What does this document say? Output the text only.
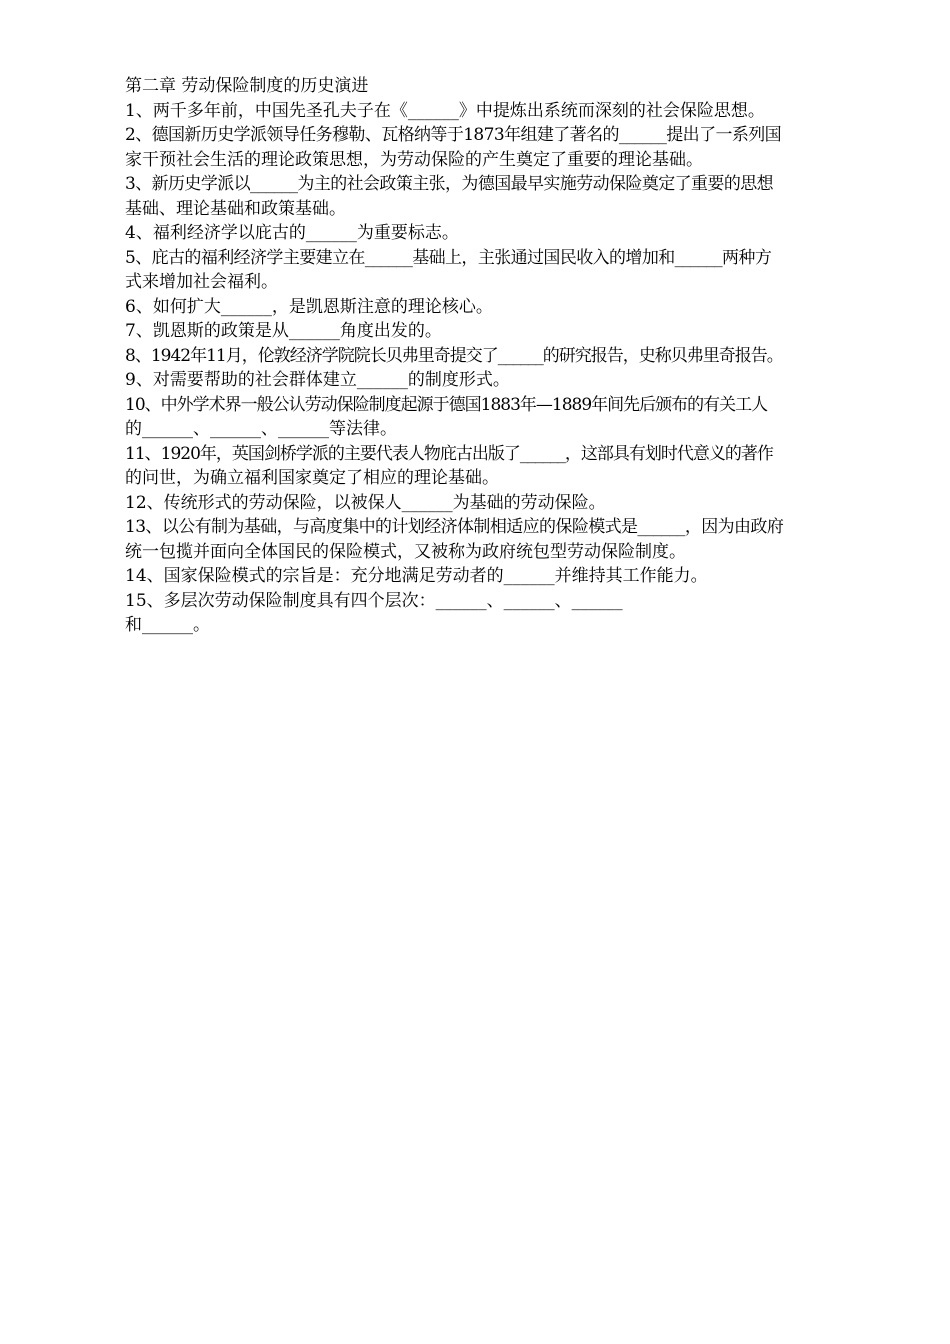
第二章 劳动保险制度的历史演进
1、两千多年前，中国先圣孔夫子在《______》中提炼出系统而深刻的社会保险思想。
2、德国新历史学派领导任务穆勒、瓦格纳等于1873年组建了著名的______提出了一系列国
家干预社会生活的理论政策思想，为劳动保险的产生奠定了重要的理论基础。
3、新历史学派以______为主的社会政策主张，为德国最早实施劳动保险奠定了重要的思想
基础、理论基础和政策基础。
4、福利经济学以庇古的______为重要标志。
5、庇古的福利经济学主要建立在______基础上，主张通过国民收入的增加和______两种方
式来增加社会福利。
6、如何扩大______，是凯恩斯注意的理论核心。
7、凯恩斯的政策是从______角度出发的。
8、1942年11月，伦敦经济学院院长贝弗里奇提交了______的研究报告，史称贝弗里奇报告。
9、对需要帮助的社会群体建立______的制度形式。
10、中外学术界一般公认劳动保险制度起源于德国1883年—1889年间先后颁布的有关工人
的______、______、______等法律。
11、1920年，英国剑桥学派的主要代表人物庇古出版了______，这部具有划时代意义的著作
的问世，为确立福利国家奠定了相应的理论基础。
12、传统形式的劳动保险，以被保人______为基础的劳动保险。
13、以公有制为基础，与高度集中的计划经济体制相适应的保险模式是______，因为由政府
统一包揽并面向全体国民的保险模式，又被称为政府统包型劳动保险制度。
14、国家保险模式的宗旨是：充分地满足劳动者的______并维持其工作能力。
15、多层次劳动保险制度具有四个层次：______、______、______
和______。
